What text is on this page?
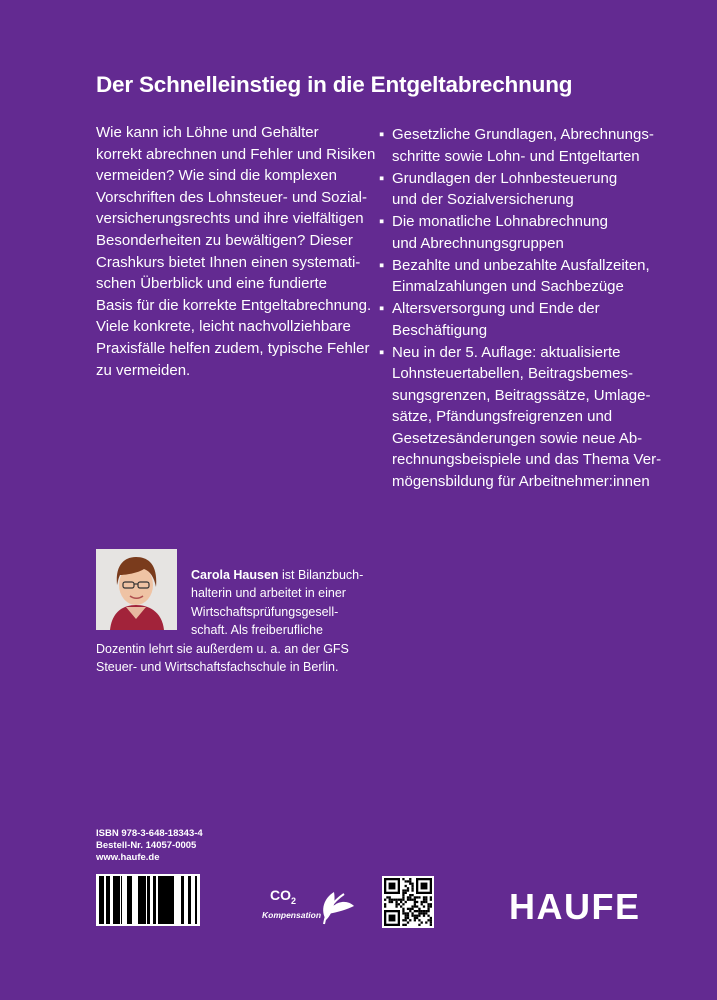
Der Schnelleinstieg in die Entgeltabrechnung
Wie kann ich Löhne und Gehälter
korrekt abrechnen und Fehler und Risiken
vermeiden? Wie sind die komplexen
Vorschriften des Lohnsteuer- und Sozial-
versicherungsrechts und ihre vielfältigen
Besonderheiten zu bewältigen? Dieser
Crashkurs bietet Ihnen einen systemati-
schen Überblick und eine fundierte
Basis für die korrekte Entgeltabrechnung.
Viele konkrete, leicht nachvollziehbare
Praxisfälle helfen zudem, typische Fehler
zu vermeiden.
▪ Gesetzliche Grundlagen, Abrechnungs-
schritte sowie Lohn- und Entgeltarten
▪ Grundlagen der Lohnbesteuerung
und der Sozialversicherung
▪ Die monatliche Lohnabrechnung
und Abrechnungsgruppen
▪ Bezahlte und unbezahlte Ausfallzeiten,
Einmalzahlungen und Sachbezüge
▪ Altersversorgung und Ende der
Beschäftigung
▪ Neu in der 5. Auflage: aktualisierte
Lohnsteuertabellen, Beitragsbemes-
sungsgrenzen, Beitragssätze, Umlage-
sätze, Pfändungsfreigrenzen und
Gesetzesänderungen sowie neue Ab-
rechnungsbeispiele und das Thema Ver-
mögensbildung für Arbeitnehmer:innen
Carola Hausen ist Bilanzbuch-
halterin und arbeitet in einer
Wirtschaftsprüfungsgesell-
schaft. Als freiberufliche
Dozentin lehrt sie außerdem u. a. an der GFS
Steuer- und Wirtschaftsfachschule in Berlin.
ISBN 978-3-648-18343-4
Bestell-Nr. 14057-0005
www.haufe.de
$CO_2$
Kompensation	HAUFE
